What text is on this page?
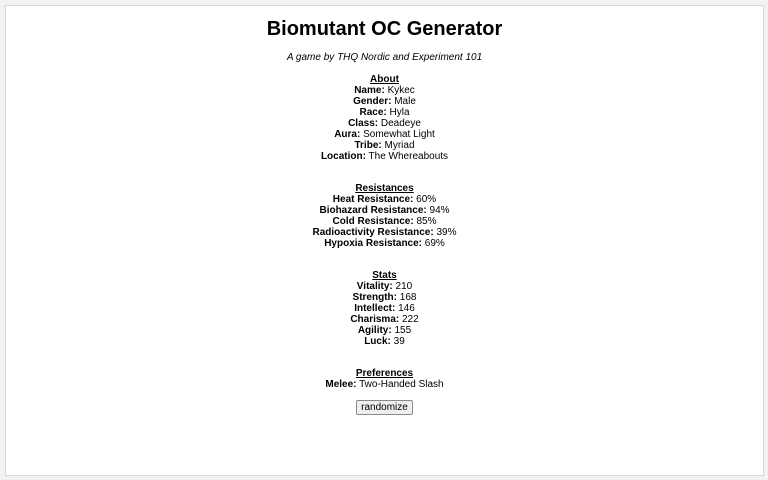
Biomutant OC Generator
A game by THQ Nordic and Experiment 101
About
Name: Kykec
Gender: Male
Race: Hyla
Class: Deadeye
Aura: Somewhat Light
Tribe: Myriad
Location: The Whereabouts
Resistances
Heat Resistance: 60%
Biohazard Resistance: 94%
Cold Resistance: 85%
Radioactivity Resistance: 39%
Hypoxia Resistance: 69%
Stats
Vitality: 210
Strength: 168
Intellect: 146
Charisma: 222
Agility: 155
Luck: 39
Preferences
Melee: Two-Handed Slash
randomize
